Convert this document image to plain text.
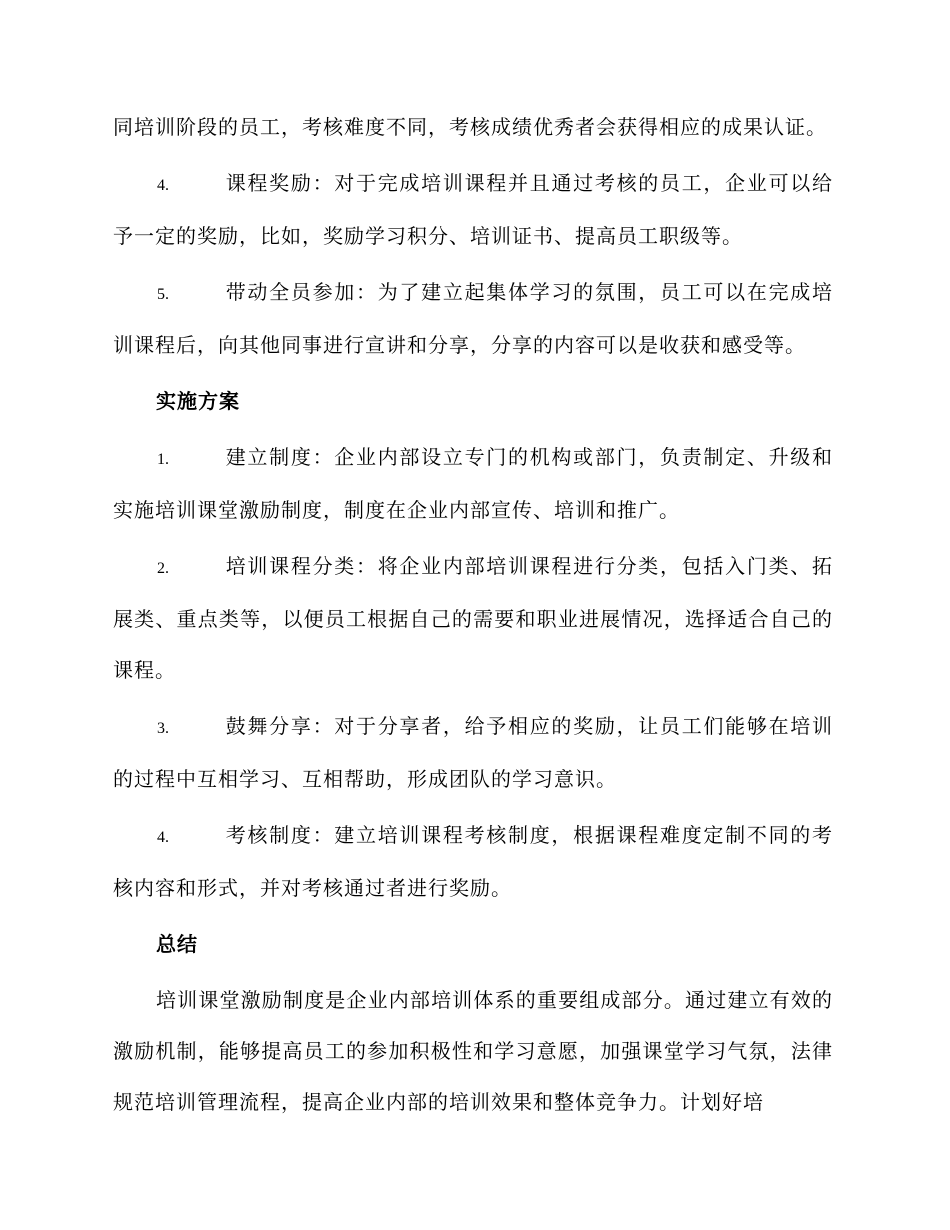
同培训阶段的员工，考核难度不同，考核成绩优秀者会获得相应的成果认证。

4.	课程奖励：对于完成培训课程并且通过考核的员工，企业可以给予一定的奖励，比如，奖励学习积分、培训证书、提高员工职级等。

5.	带动全员参加：为了建立起集体学习的氛围，员工可以在完成培训课程后，向其他同事进行宣讲和分享，分享的内容可以是收获和感受等。

实施方案

1.	建立制度：企业内部设立专门的机构或部门，负责制定、升级和实施培训课堂激励制度，制度在企业内部宣传、培训和推广。

2.	培训课程分类：将企业内部培训课程进行分类，包括入门类、拓展类、重点类等，以便员工根据自己的需要和职业进展情况，选择适合自己的课程。

3.	鼓舞分享：对于分享者，给予相应的奖励，让员工们能够在培训的过程中互相学习、互相帮助，形成团队的学习意识。

4.	考核制度：建立培训课程考核制度，根据课程难度定制不同的考核内容和形式，并对考核通过者进行奖励。

总结

培训课堂激励制度是企业内部培训体系的重要组成部分。通过建立有效的激励机制，能够提高员工的参加积极性和学习意愿，加强课堂学习气氛，法律规范培训管理流程，提高企业内部的培训效果和整体竞争力。计划好培
